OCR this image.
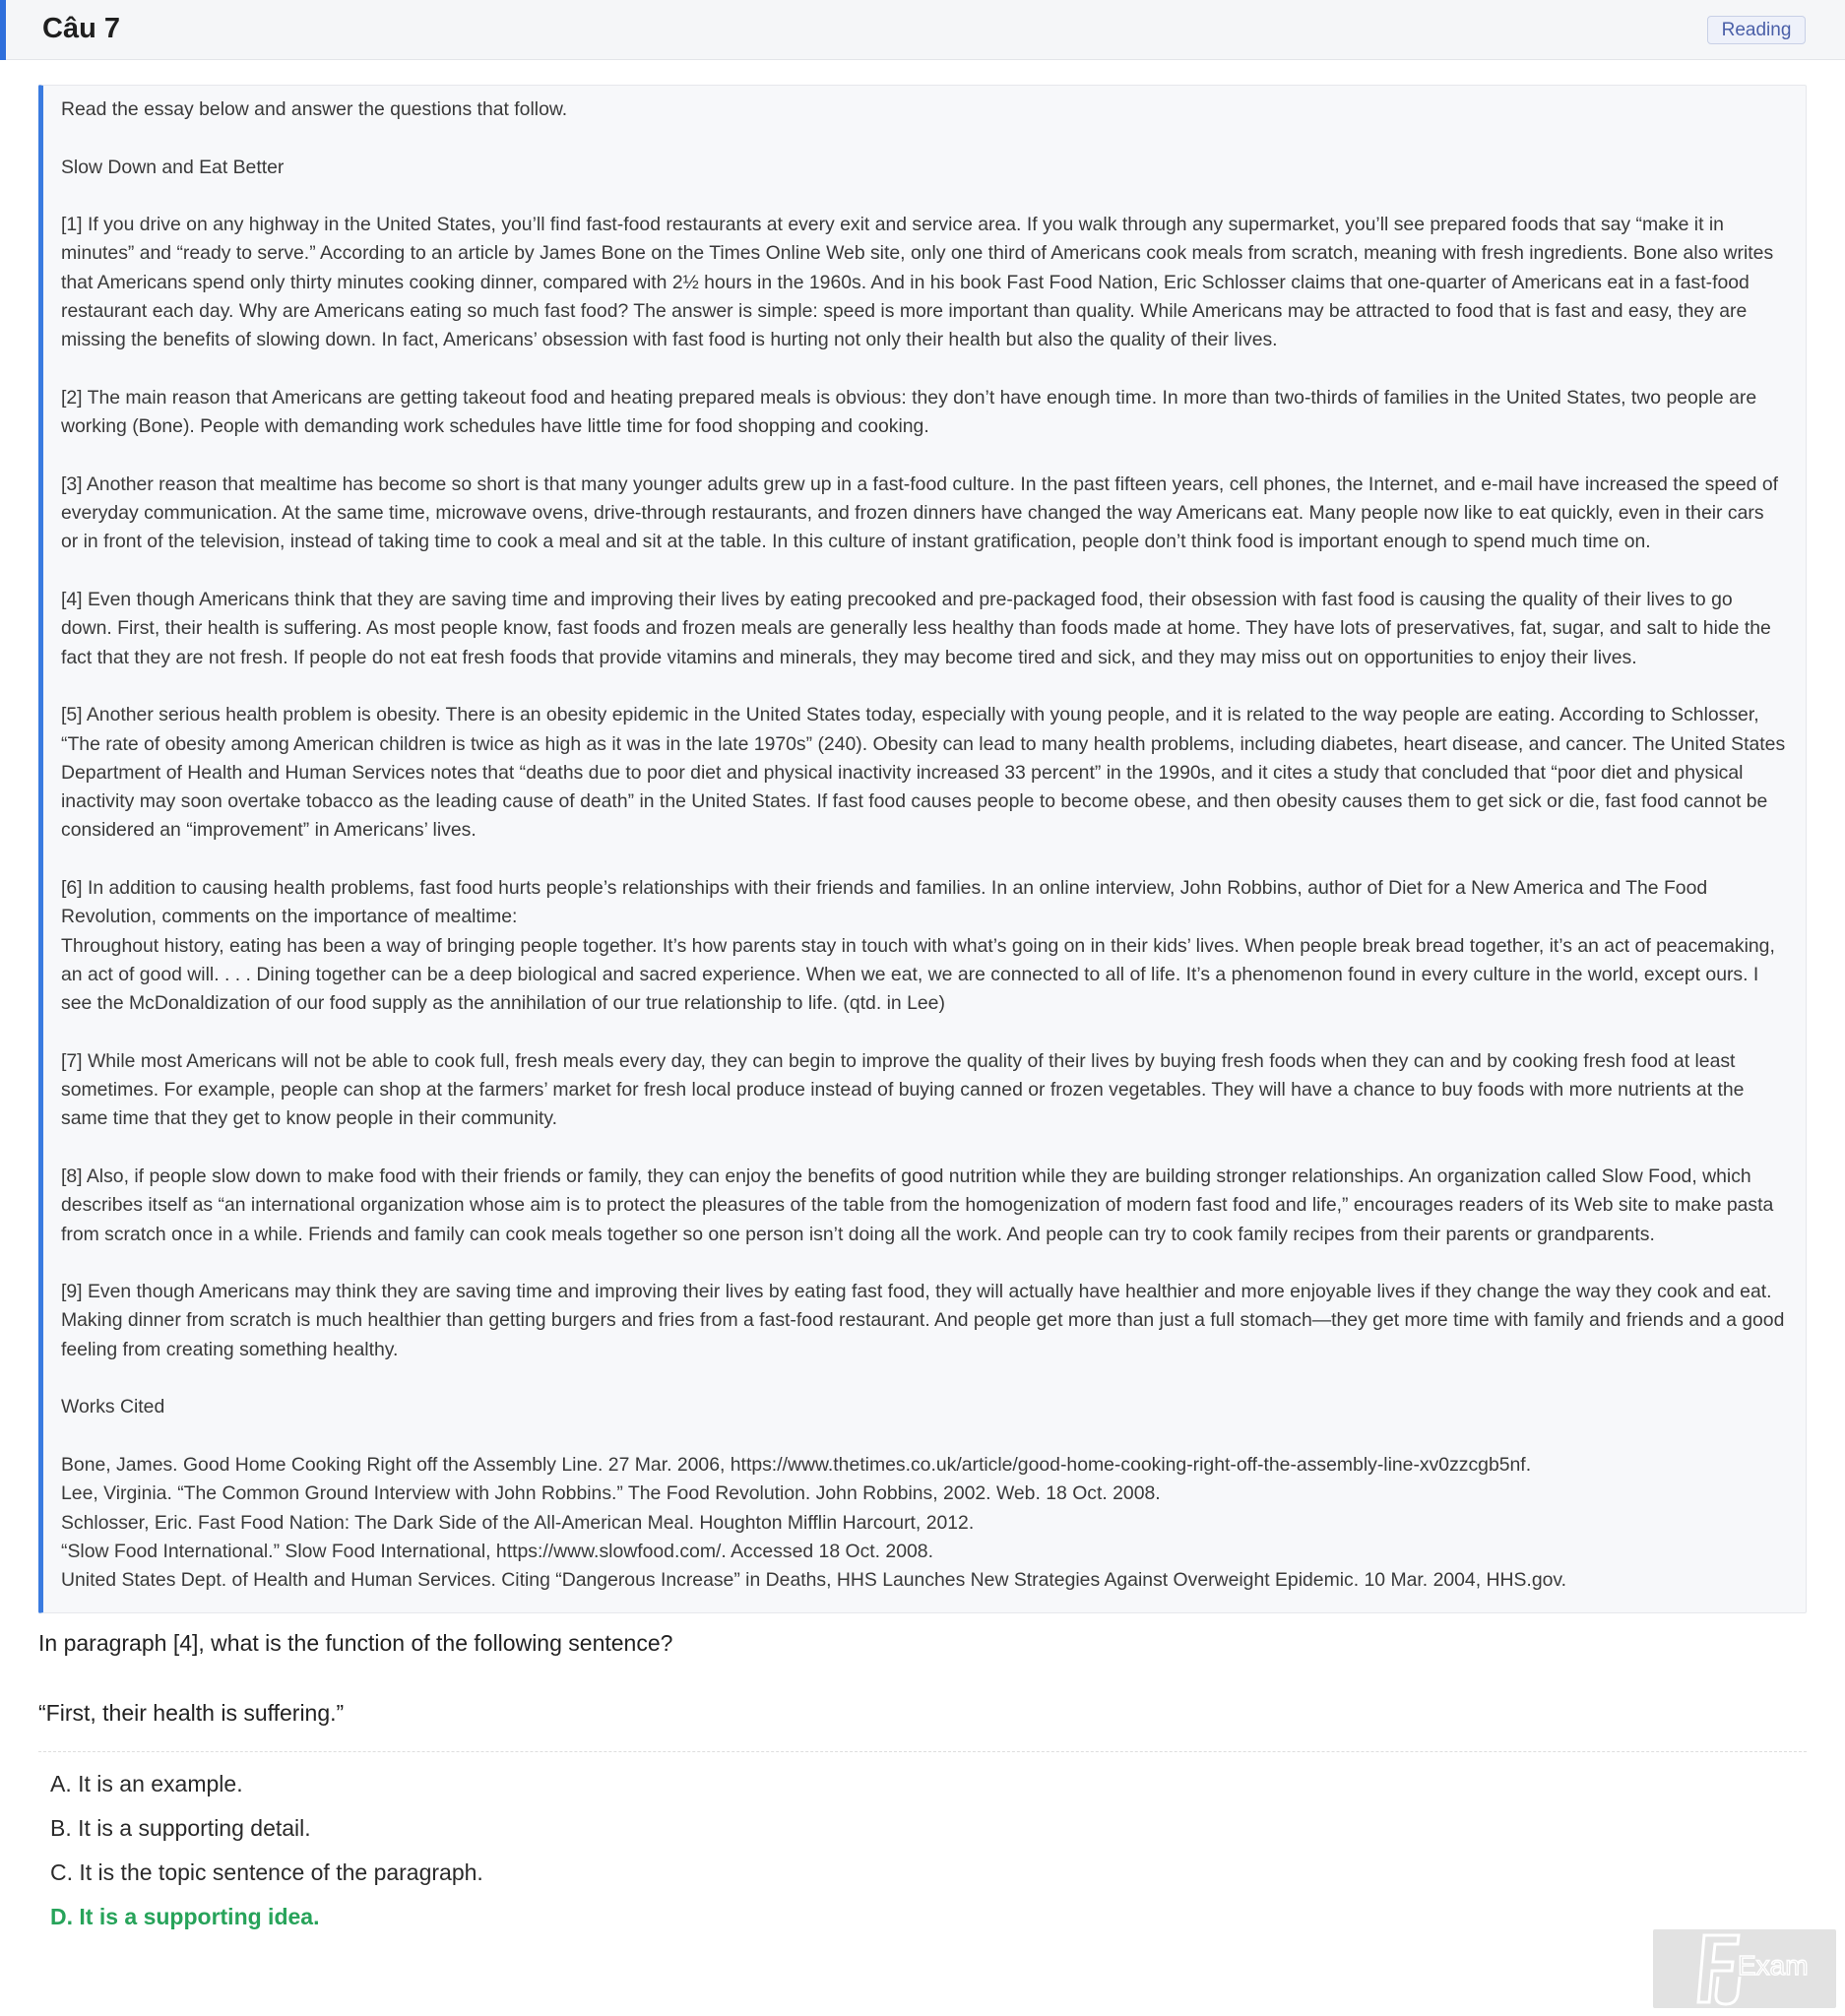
Câu 7	Reading

Read the essay below and answer the questions that follow.

Slow Down and Eat Better

[1] If you drive on any highway in the United States, you’ll find fast-food restaurants at every exit and service area. If you walk through any supermarket, you’ll see prepared foods that say “make it in minutes” and “ready to serve.” According to an article by James Bone on the Times Online Web site, only one third of Americans cook meals from scratch, meaning with fresh ingredients. Bone also writes that Americans spend only thirty minutes cooking dinner, compared with 2½ hours in the 1960s. And in his book Fast Food Nation, Eric Schlosser claims that one-quarter of Americans eat in a fast-food restaurant each day. Why are Americans eating so much fast food? The answer is simple: speed is more important than quality. While Americans may be attracted to food that is fast and easy, they are missing the benefits of slowing down. In fact, Americans’ obsession with fast food is hurting not only their health but also the quality of their lives.

[2] The main reason that Americans are getting takeout food and heating prepared meals is obvious: they don’t have enough time. In more than two-thirds of families in the United States, two people are working (Bone). People with demanding work schedules have little time for food shopping and cooking.

[3] Another reason that mealtime has become so short is that many younger adults grew up in a fast-food culture. In the past fifteen years, cell phones, the Internet, and e-mail have increased the speed of everyday communication. At the same time, microwave ovens, drive-through restaurants, and frozen dinners have changed the way Americans eat. Many people now like to eat quickly, even in their cars or in front of the television, instead of taking time to cook a meal and sit at the table. In this culture of instant gratification, people don’t think food is important enough to spend much time on.

[4] Even though Americans think that they are saving time and improving their lives by eating precooked and pre-packaged food, their obsession with fast food is causing the quality of their lives to go down. First, their health is suffering. As most people know, fast foods and frozen meals are generally less healthy than foods made at home. They have lots of preservatives, fat, sugar, and salt to hide the fact that they are not fresh. If people do not eat fresh foods that provide vitamins and minerals, they may become tired and sick, and they may miss out on opportunities to enjoy their lives.

[5] Another serious health problem is obesity. There is an obesity epidemic in the United States today, especially with young people, and it is related to the way people are eating. According to Schlosser, “The rate of obesity among American children is twice as high as it was in the late 1970s” (240). Obesity can lead to many health problems, including diabetes, heart disease, and cancer. The United States Department of Health and Human Services notes that “deaths due to poor diet and physical inactivity increased 33 percent” in the 1990s, and it cites a study that concluded that “poor diet and physical inactivity may soon overtake tobacco as the leading cause of death” in the United States. If fast food causes people to become obese, and then obesity causes them to get sick or die, fast food cannot be considered an “improvement” in Americans’ lives.

[6] In addition to causing health problems, fast food hurts people’s relationships with their friends and families. In an online interview, John Robbins, author of Diet for a New America and The Food Revolution, comments on the importance of mealtime:
Throughout history, eating has been a way of bringing people together. It’s how parents stay in touch with what’s going on in their kids’ lives. When people break bread together, it’s an act of peacemaking, an act of good will. . . . Dining together can be a deep biological and sacred experience. When we eat, we are connected to all of life. It’s a phenomenon found in every culture in the world, except ours. I see the McDonaldization of our food supply as the annihilation of our true relationship to life. (qtd. in Lee)

[7] While most Americans will not be able to cook full, fresh meals every day, they can begin to improve the quality of their lives by buying fresh foods when they can and by cooking fresh food at least sometimes. For example, people can shop at the farmers’ market for fresh local produce instead of buying canned or frozen vegetables. They will have a chance to buy foods with more nutrients at the same time that they get to know people in their community.

[8] Also, if people slow down to make food with their friends or family, they can enjoy the benefits of good nutrition while they are building stronger relationships. An organization called Slow Food, which describes itself as “an international organization whose aim is to protect the pleasures of the table from the homogenization of modern fast food and life,” encourages readers of its Web site to make pasta from scratch once in a while. Friends and family can cook meals together so one person isn’t doing all the work. And people can try to cook family recipes from their parents or grandparents.

[9] Even though Americans may think they are saving time and improving their lives by eating fast food, they will actually have healthier and more enjoyable lives if they change the way they cook and eat. Making dinner from scratch is much healthier than getting burgers and fries from a fast-food restaurant. And people get more than just a full stomach—they get more time with family and friends and a good feeling from creating something healthy.

Works Cited

Bone, James. Good Home Cooking Right off the Assembly Line. 27 Mar. 2006, https://www.thetimes.co.uk/article/good-home-cooking-right-off-the-assembly-line-xv0zzcgb5nf.

Lee, Virginia. “The Common Ground Interview with John Robbins.” The Food Revolution. John Robbins, 2002. Web. 18 Oct. 2008.

Schlosser, Eric. Fast Food Nation: The Dark Side of the All-American Meal. Houghton Mifflin Harcourt, 2012.

“Slow Food International.” Slow Food International, https://www.slowfood.com/. Accessed 18 Oct. 2008.

United States Dept. of Health and Human Services. Citing “Dangerous Increase” in Deaths, HHS Launches New Strategies Against Overweight Epidemic. 10 Mar. 2004, HHS.gov.

In paragraph [4], what is the function of the following sentence?
“First, their health is suffering.”
A. It is an example.
B. It is a supporting detail.
C. It is the topic sentence of the paragraph.
D. It is a supporting idea.
Exam
